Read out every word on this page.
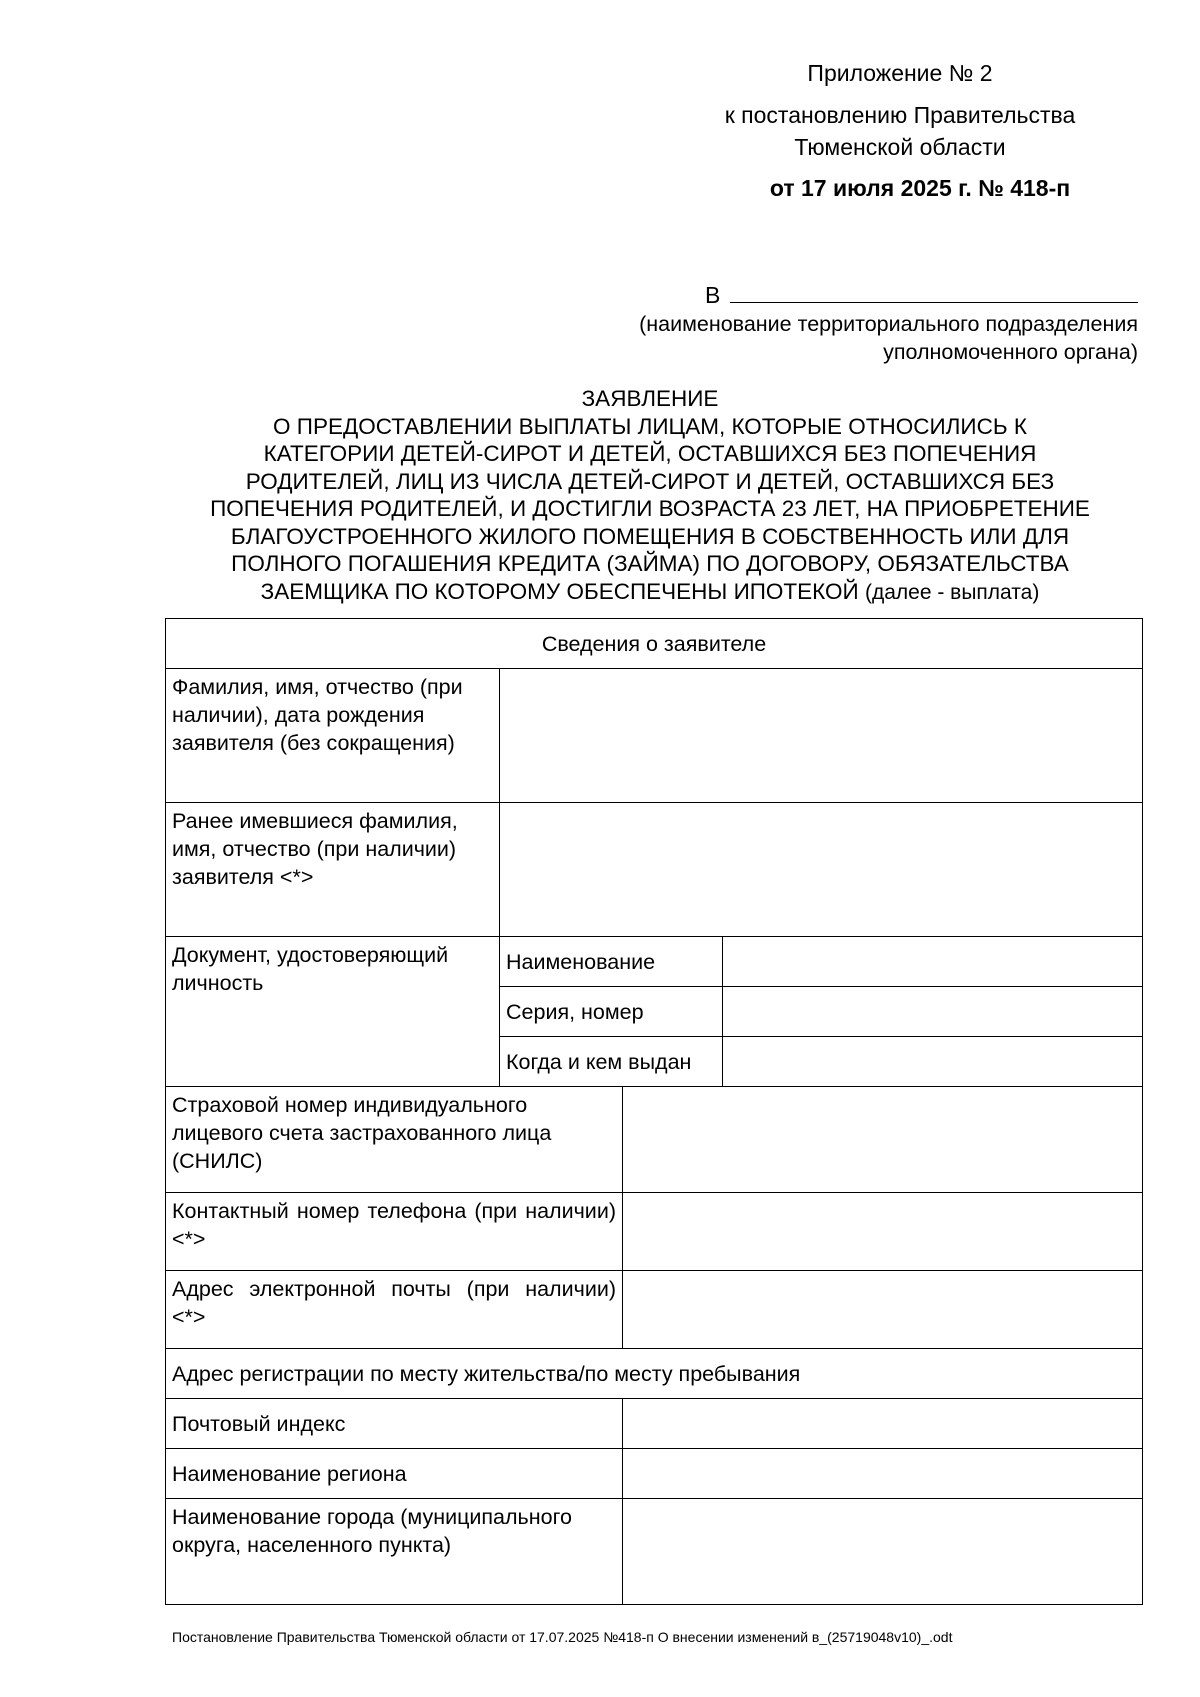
Приложение № 2
к постановлению Правительства
Тюменской области
от 17 июля 2025 г. № 418-п
В
(наименование территориального подразделения
уполномоченного органа)
ЗАЯВЛЕНИЕ
О ПРЕДОСТАВЛЕНИИ ВЫПЛАТЫ ЛИЦАМ, КОТОРЫЕ ОТНОСИЛИСЬ К
КАТЕГОРИИ ДЕТЕЙ-СИРОТ И ДЕТЕЙ, ОСТАВШИХСЯ БЕЗ ПОПЕЧЕНИЯ
РОДИТЕЛЕЙ, ЛИЦ ИЗ ЧИСЛА ДЕТЕЙ-СИРОТ И ДЕТЕЙ, ОСТАВШИХСЯ БЕЗ
ПОПЕЧЕНИЯ РОДИТЕЛЕЙ, И ДОСТИГЛИ ВОЗРАСТА 23 ЛЕТ, НА ПРИОБРЕТЕНИЕ
БЛАГОУСТРОЕННОГО ЖИЛОГО ПОМЕЩЕНИЯ В СОБСТВЕННОСТЬ ИЛИ ДЛЯ
ПОЛНОГО ПОГАШЕНИЯ КРЕДИТА (ЗАЙМА) ПО ДОГОВОРУ, ОБЯЗАТЕЛЬСТВА
ЗАЕМЩИКА ПО КОТОРОМУ ОБЕСПЕЧЕНЫ ИПОТЕКОЙ (далее - выплата)
Сведения о заявителе			
Фамилия, имя, отчество (при наличии), дата рождения заявителя (без сокращения)			
Ранее имевшиеся фамилия, имя, отчество (при наличии) заявителя <*>			
Документ, удостоверяющий личность	Наименование		
	Серия, номер		
	Когда и кем выдан		
Страховой номер индивидуального лицевого счета застрахованного лица (СНИЛС)			
Контактный номер телефона (при наличии) <*>			
Адрес электронной почты (при наличии) <*>			
Адрес регистрации по месту жительства/по месту пребывания			
Почтовый индекс			
Наименование региона			
Наименование города (муниципального округа, населенного пункта)			
Постановление Правительства Тюменской области от 17.07.2025 №418-п О внесении изменений в_(25719048v10)_.odt
